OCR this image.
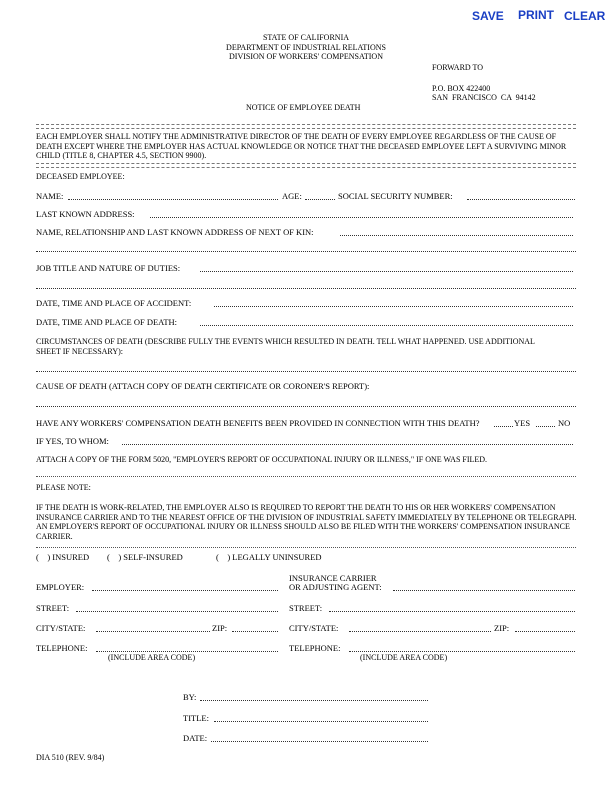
SAVE PRINT CLEAR
STATE OF CALIFORNIA
DEPARTMENT OF INDUSTRIAL RELATIONS
DIVISION OF WORKERS' COMPENSATION
FORWARD TO
P.O. BOX 422400
SAN FRANCISCO CA 94142
NOTICE OF EMPLOYEE DEATH
EACH EMPLOYER SHALL NOTIFY THE ADMINISTRATIVE DIRECTOR OF THE DEATH OF EVERY EMPLOYEE REGARDLESS OF THE CAUSE OF DEATH EXCEPT WHERE THE EMPLOYER HAS ACTUAL KNOWLEDGE OR NOTICE THAT THE DECEASED EMPLOYEE LEFT A SURVIVING MINOR CHILD (TITLE 8, CHAPTER 4.5, SECTION 9900).
DECEASED EMPLOYEE:
NAME:	AGE:	SOCIAL SECURITY NUMBER:
LAST KNOWN ADDRESS:
NAME, RELATIONSHIP AND LAST KNOWN ADDRESS OF NEXT OF KIN:
JOB TITLE AND NATURE OF DUTIES:
DATE, TIME AND PLACE OF ACCIDENT:
DATE, TIME AND PLACE OF DEATH:
CIRCUMSTANCES OF DEATH (DESCRIBE FULLY THE EVENTS WHICH RESULTED IN DEATH. TELL WHAT HAPPENED. USE ADDITIONAL SHEET IF NECESSARY):
CAUSE OF DEATH (ATTACH COPY OF DEATH CERTIFICATE OR CORONER'S REPORT):
HAVE ANY WORKERS' COMPENSATION DEATH BENEFITS BEEN PROVIDED IN CONNECTION WITH THIS DEATH?	YES	NO
IF YES, TO WHOM:
ATTACH A COPY OF THE FORM 5020, "EMPLOYER'S REPORT OF OCCUPATIONAL INJURY OR ILLNESS," IF ONE WAS FILED.
PLEASE NOTE:
IF THE DEATH IS WORK-RELATED, THE EMPLOYER ALSO IS REQUIRED TO REPORT THE DEATH TO HIS OR HER WORKERS' COMPENSATION INSURANCE CARRIER AND TO THE NEAREST OFFICE OF THE DIVISION OF INDUSTRIAL SAFETY IMMEDIATELY BY TELEPHONE OR TELEGRAPH. AN EMPLOYER'S REPORT OF OCCUPATIONAL INJURY OR ILLNESS SHOULD ALSO BE FILED WITH THE WORKERS' COMPENSATION INSURANCE CARRIER.
(    ) INSURED (    ) SELF-INSURED	(    ) LEGALLY UNINSURED
EMPLOYER:
STREET:
CITY/STATE:	ZIP:
TELEPHONE:
(INCLUDE AREA CODE)
INSURANCE CARRIER
OR ADJUSTING AGENT:
STREET:
CITY/STATE:	ZIP:
TELEPHONE:
(INCLUDE AREA CODE)
BY:
TITLE:
DATE:
DIA 510 (REV. 9/84)
